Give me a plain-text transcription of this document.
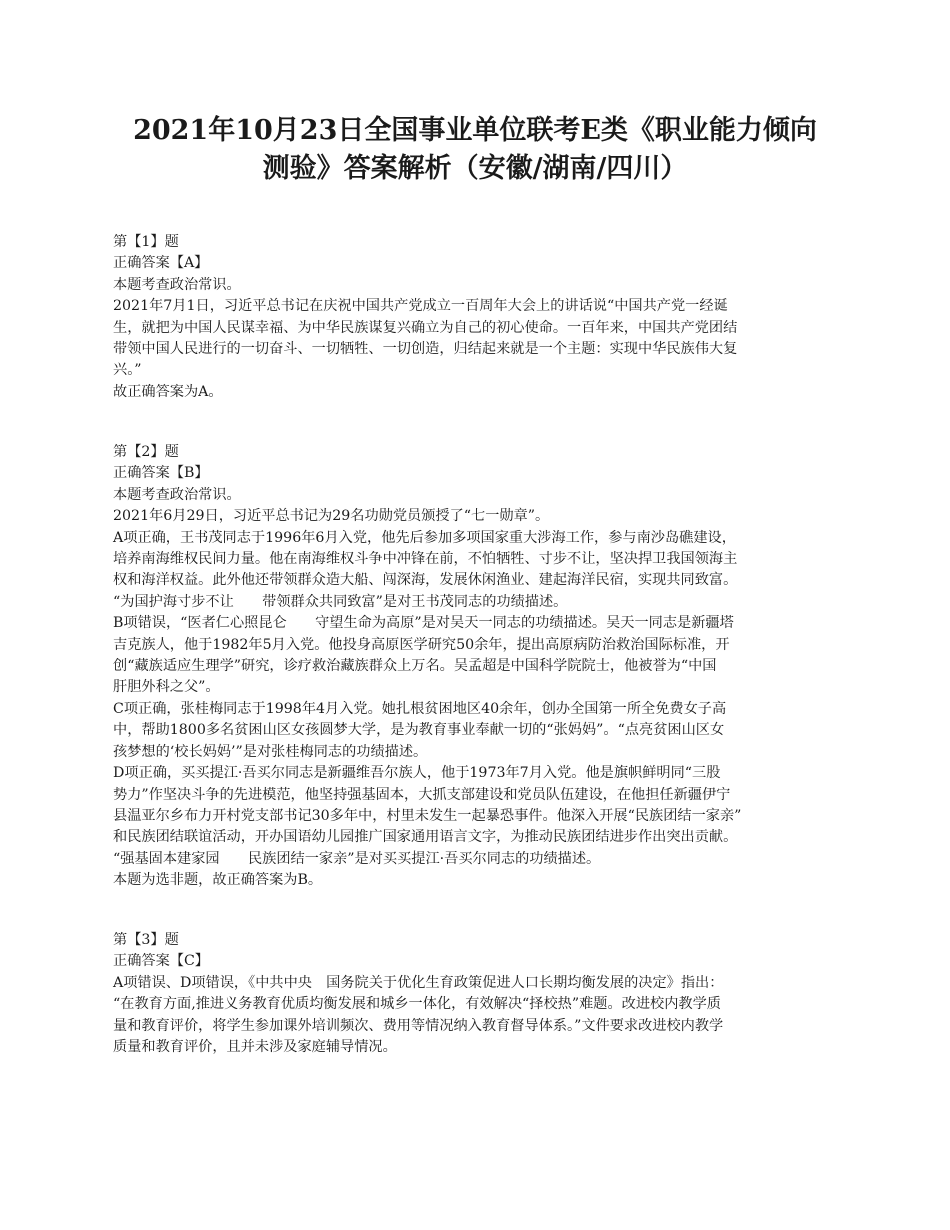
2021年10月23日全国事业单位联考E类《职业能力倾向
测验》答案解析（安徽/湖南/四川）
第【1】题
正确答案【A】
本题考查政治常识。
2021年7月1日，习近平总书记在庆祝中国共产党成立一百周年大会上的讲话说“中国共产党一经诞
生，就把为中国人民谋幸福、为中华民族谋复兴确立为自己的初心使命。一百年来，中国共产党团结
带领中国人民进行的一切奋斗、一切牺牲、一切创造，归结起来就是一个主题：实现中华民族伟大复
兴。”
故正确答案为A。
第【2】题
正确答案【B】
本题考查政治常识。
2021年6月29日，习近平总书记为29名功勋党员颁授了“七一勋章”。
A项正确，王书茂同志于1996年6月入党，他先后参加多项国家重大涉海工作，参与南沙岛礁建设，
培养南海维权民间力量。他在南海维权斗争中冲锋在前，不怕牺牲、寸步不让，坚决捍卫我国领海主
权和海洋权益。此外他还带领群众造大船、闯深海，发展休闲渔业、建起海洋民宿，实现共同致富。
“为国护海寸步不让　　带领群众共同致富”是对王书茂同志的功绩描述。
B项错误，“医者仁心照昆仑　　守望生命为高原”是对吴天一同志的功绩描述。吴天一同志是新疆塔
吉克族人，他于1982年5月入党。他投身高原医学研究50余年，提出高原病防治救治国际标准，开
创“藏族适应生理学”研究，诊疗救治藏族群众上万名。吴孟超是中国科学院院士，他被誉为“中国
肝胆外科之父”。
C项正确，张桂梅同志于1998年4月入党。她扎根贫困地区40余年，创办全国第一所全免费女子高
中，帮助1800多名贫困山区女孩圆梦大学，是为教育事业奉献一切的“张妈妈”。“点亮贫困山区女
孩梦想的‘校长妈妈’”是对张桂梅同志的功绩描述。
D项正确，买买提江·吾买尔同志是新疆维吾尔族人，他于1973年7月入党。他是旗帜鲜明同“三股
势力”作坚决斗争的先进模范，他坚持强基固本，大抓支部建设和党员队伍建设，在他担任新疆伊宁
县温亚尔乡布力开村党支部书记30多年中，村里未发生一起暴恐事件。他深入开展“民族团结一家亲”
和民族团结联谊活动，开办国语幼儿园推广国家通用语言文字，为推动民族团结进步作出突出贡献。
“强基固本建家园　　民族团结一家亲”是对买买提江·吾买尔同志的功绩描述。
本题为选非题，故正确答案为B。
第【3】题
正确答案【C】
A项错误、D项错误，《中共中央　国务院关于优化生育政策促进人口长期均衡发展的决定》指出：
“在教育方面,推进义务教育优质均衡发展和城乡一体化，有效解决“择校热”难题。改进校内教学质
量和教育评价，将学生参加课外培训频次、费用等情况纳入教育督导体系。”文件要求改进校内教学
质量和教育评价，且并未涉及家庭辅导情况。
